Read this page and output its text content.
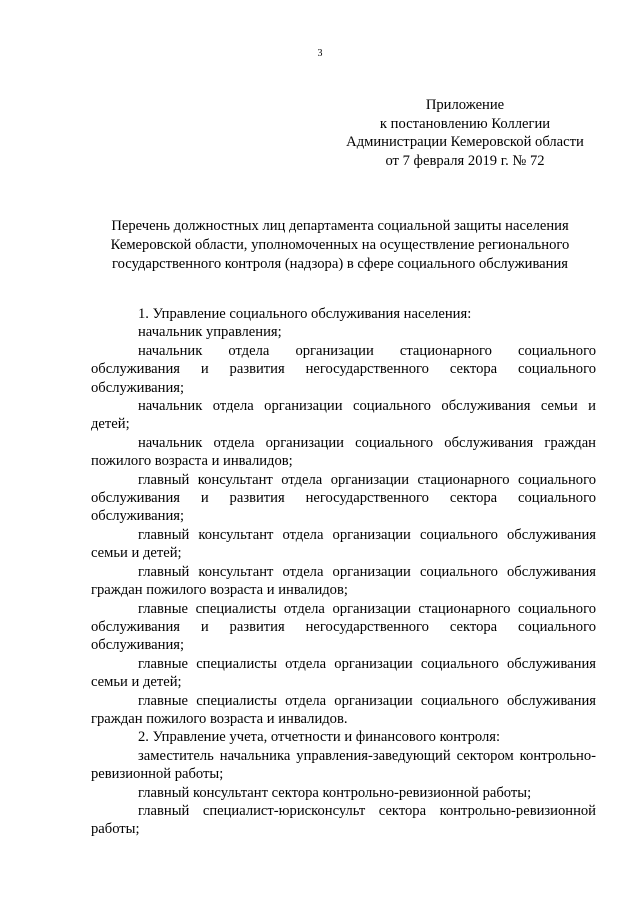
3
Приложение
к постановлению Коллегии
Администрации Кемеровской области
от 7 февраля 2019 г. № 72
Перечень должностных лиц департамента социальной защиты населения
Кемеровской области, уполномоченных на осуществление регионального
государственного контроля (надзора) в сфере социального обслуживания

1. Управление социального обслуживания населения:

начальник управления;

начальник отдела организации стационарного социального обслуживания и развития негосударственного сектора социального обслуживания;

начальник отдела организации социального обслуживания семьи и детей;

начальник отдела организации социального обслуживания граждан пожилого возраста и инвалидов;

главный консультант отдела организации стационарного социального обслуживания и развития негосударственного сектора социального обслуживания;

главный консультант отдела организации социального обслуживания семьи и детей;

главный консультант отдела организации социального обслуживания граждан пожилого возраста и инвалидов;

главные специалисты отдела организации стационарного социального обслуживания и развития негосударственного сектора социального обслуживания;

главные специалисты отдела организации социального обслуживания семьи и детей;

главные специалисты отдела организации социального обслуживания граждан пожилого возраста и инвалидов.

2. Управление учета, отчетности и финансового контроля:

заместитель начальника управления-заведующий сектором контрольно-ревизионной работы;

главный консультант сектора контрольно-ревизионной работы;

главный специалист-юрисконсульт сектора контрольно-ревизионной работы;
